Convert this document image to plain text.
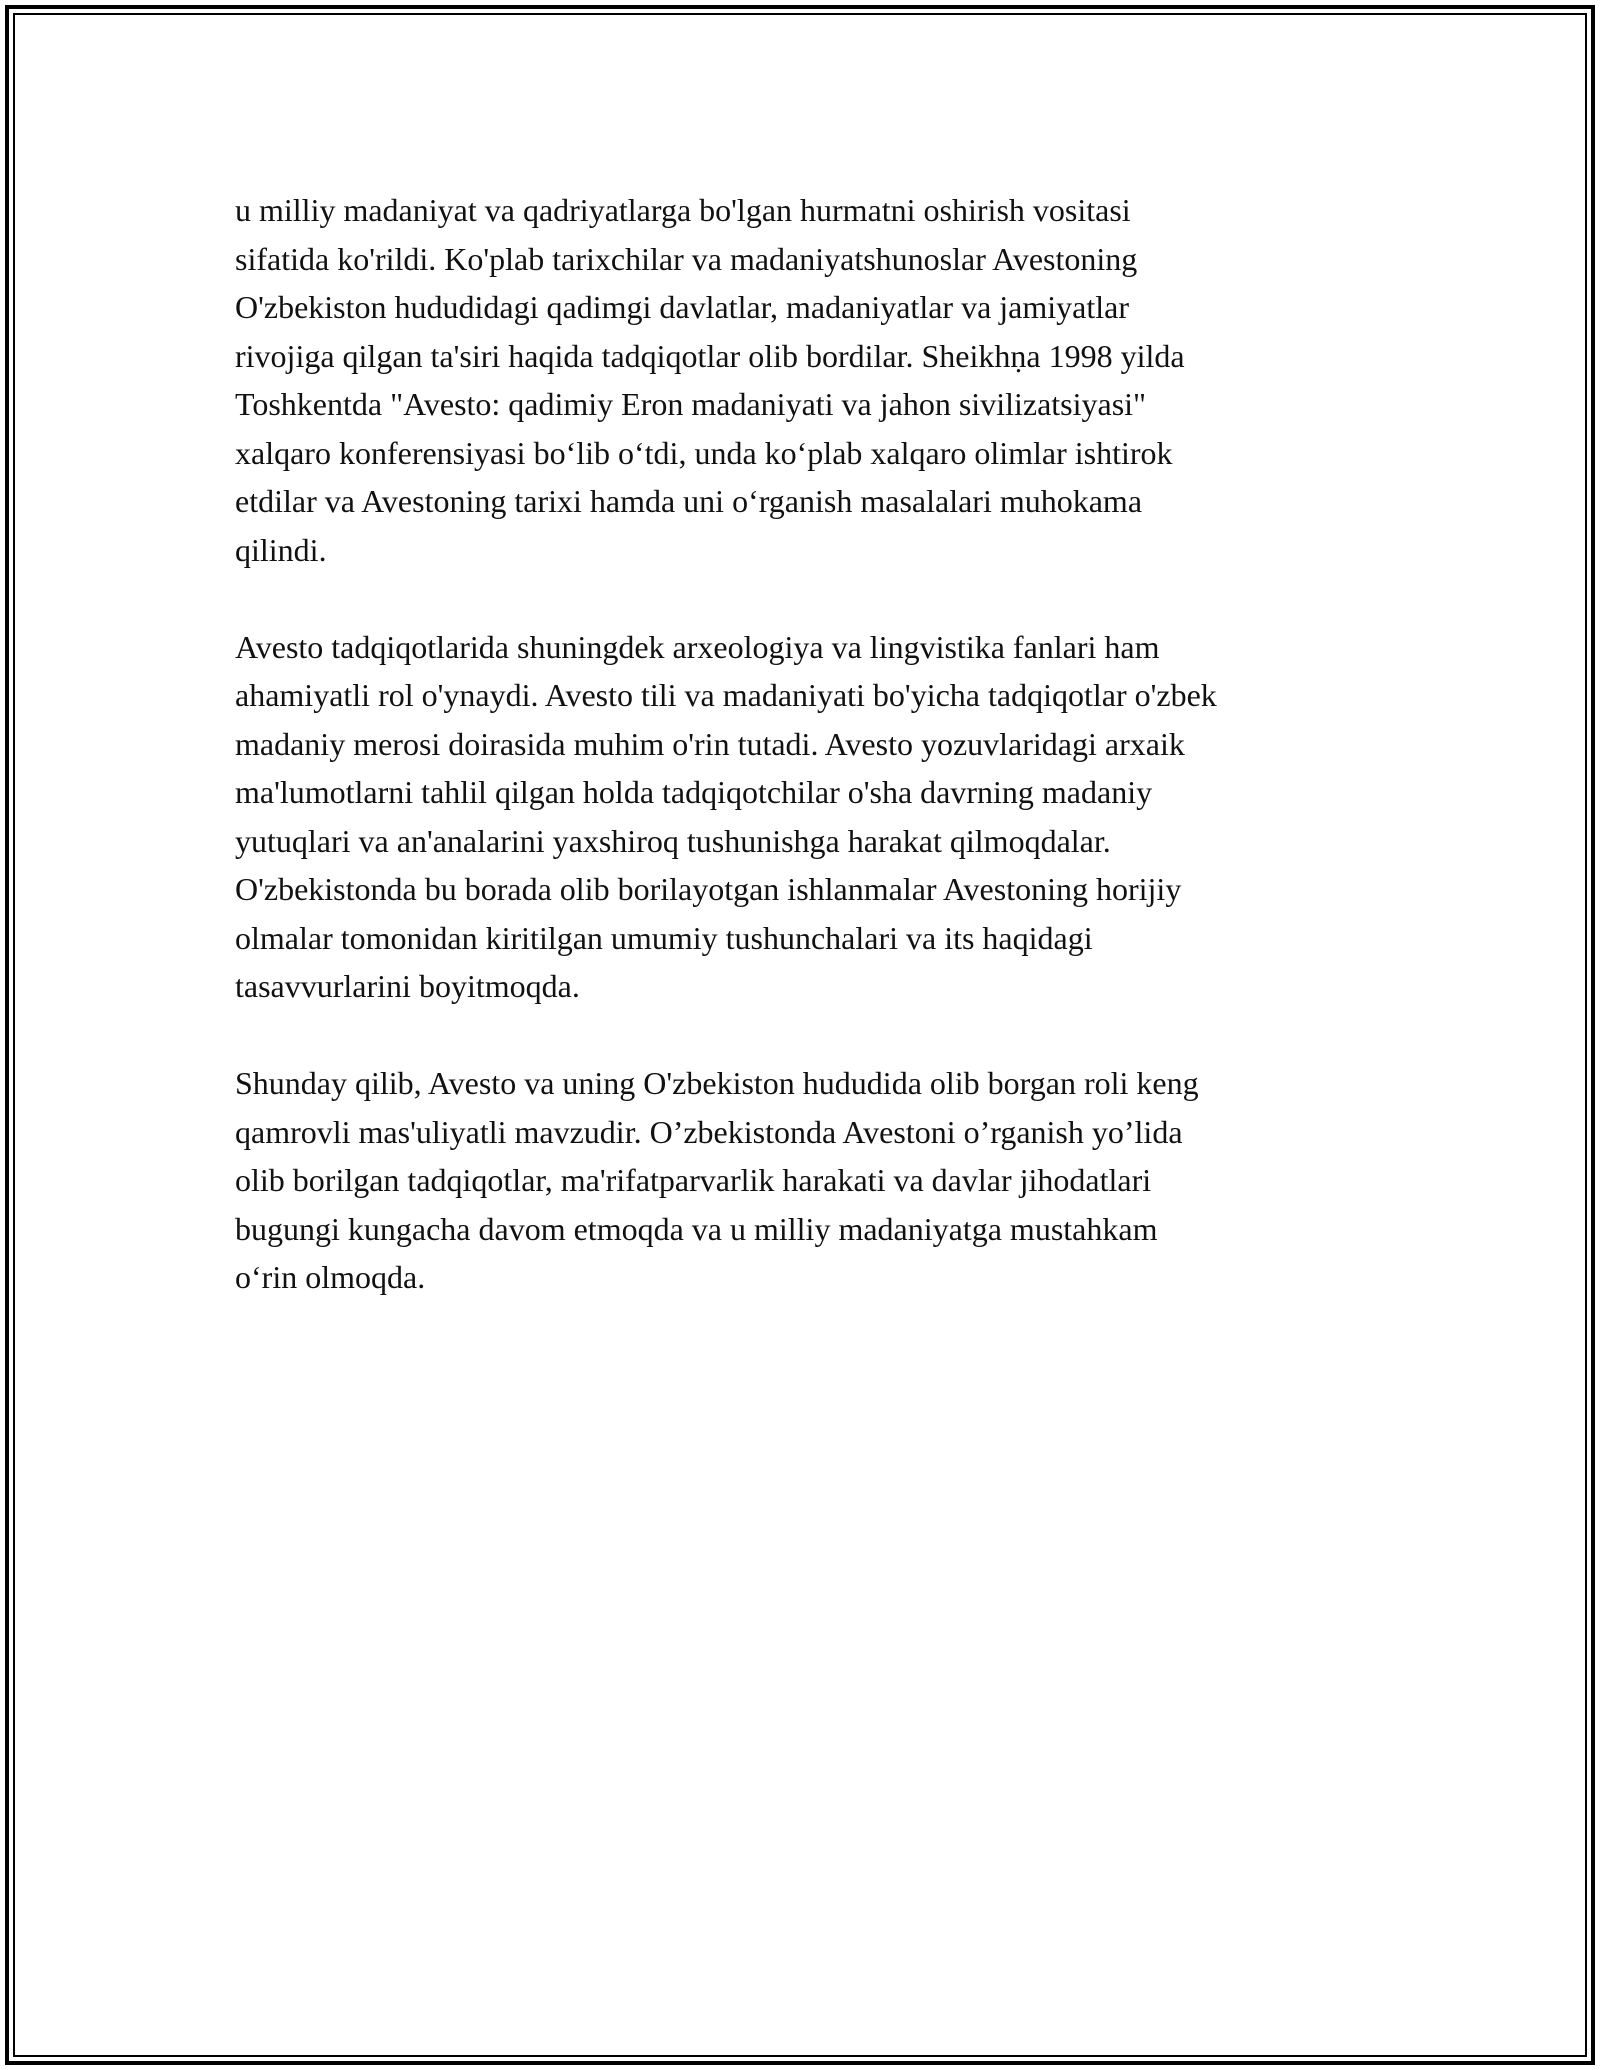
u milliy madaniyat va qadriyatlarga bo'lgan hurmatni oshirish vositasi
sifatida ko'rildi. Ko'plab tarixchilar va madaniyatshunoslar Avestoning
O'zbekiston hududidagi qadimgi davlatlar, madaniyatlar va jamiyatlar
rivojiga qilgan ta'siri haqida tadqiqotlar olib bordilar. Sheikhṇa 1998 yilda
Toshkentda "Avesto: qadimiy Eron madaniyati va jahon sivilizatsiyasi"
xalqaro konferensiyasi bo‘lib o‘tdi, unda ko‘plab xalqaro olimlar ishtirok
etdilar va Avestoning tarixi hamda uni o‘rganish masalalari muhokama
qilindi.

Avesto tadqiqotlarida shuningdek arxeologiya va lingvistika fanlari ham
ahamiyatli rol o'ynaydi. Avesto tili va madaniyati bo'yicha tadqiqotlar o'zbek
madaniy merosi doirasida muhim o'rin tutadi. Avesto yozuvlaridagi arxaik
ma'lumotlarni tahlil qilgan holda tadqiqotchilar o'sha davrning madaniy
yutuqlari va an'analarini yaxshiroq tushunishga harakat qilmoqdalar.
O'zbekistonda bu borada olib borilayotgan ishlanmalar Avestoning horijiy
olmalar tomonidan kiritilgan umumiy tushunchalari va its haqidagi
tasavvurlarini boyitmoqda.

Shunday qilib, Avesto va uning O'zbekiston hududida olib borgan roli keng
qamrovli mas'uliyatli mavzudir. O’zbekistonda Avestoni o’rganish yo’lida
olib borilgan tadqiqotlar, ma'rifatparvarlik harakati va davlar jihodatlari
bugungi kungacha davom etmoqda va u milliy madaniyatga mustahkam
o‘rin olmoqda.
